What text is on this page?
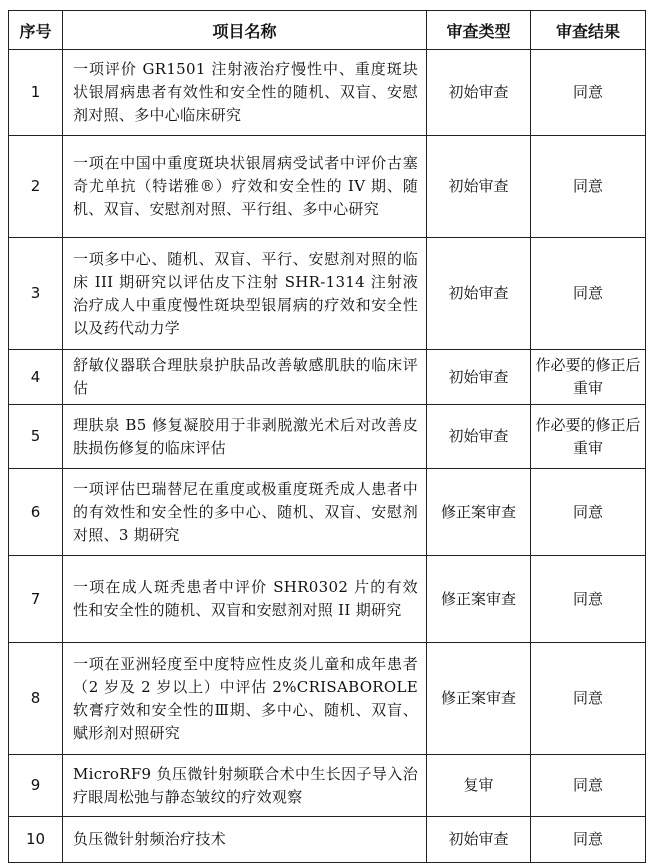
序号	项目名称	审查类型	审查结果
1	一项评价 GR1501 注射液治疗慢性中、重度斑块状银屑病患者有效性和安全性的随机、双盲、安慰剂对照、多中心临床研究	初始审查	同意
2	一项在中国中重度斑块状银屑病受试者中评价古塞奇尤单抗（特诺雅®）疗效和安全性的 IV 期、随机、双盲、安慰剂对照、平行组、多中心研究	初始审查	同意
3	一项多中心、随机、双盲、平行、安慰剂对照的临床 III 期研究以评估皮下注射 SHR-1314 注射液治疗成人中重度慢性斑块型银屑病的疗效和安全性以及药代动力学	初始审查	同意
4	舒敏仪器联合理肤泉护肤品改善敏感肌肤的临床评估	初始审查	作必要的修正后重审
5	理肤泉 B5 修复凝胶用于非剥脱激光术后对改善皮肤损伤修复的临床评估	初始审查	作必要的修正后重审
6	一项评估巴瑞替尼在重度或极重度斑秃成人患者中的有效性和安全性的多中心、随机、双盲、安慰剂对照、3 期研究	修正案审查	同意
7	一项在成人斑秃患者中评价 SHR0302 片的有效性和安全性的随机、双盲和安慰剂对照 II 期研究	修正案审查	同意
8	一项在亚洲轻度至中度特应性皮炎儿童和成年患者（2 岁及 2 岁以上）中评估 2%CRISABOROLE 软膏疗效和安全性的Ⅲ期、多中心、随机、双盲、赋形剂对照研究	修正案审查	同意
9	MicroRF9 负压微针射频联合术中生长因子导入治疗眼周松弛与静态皱纹的疗效观察	复审	同意
10	负压微针射频治疗技术	初始审查	同意
